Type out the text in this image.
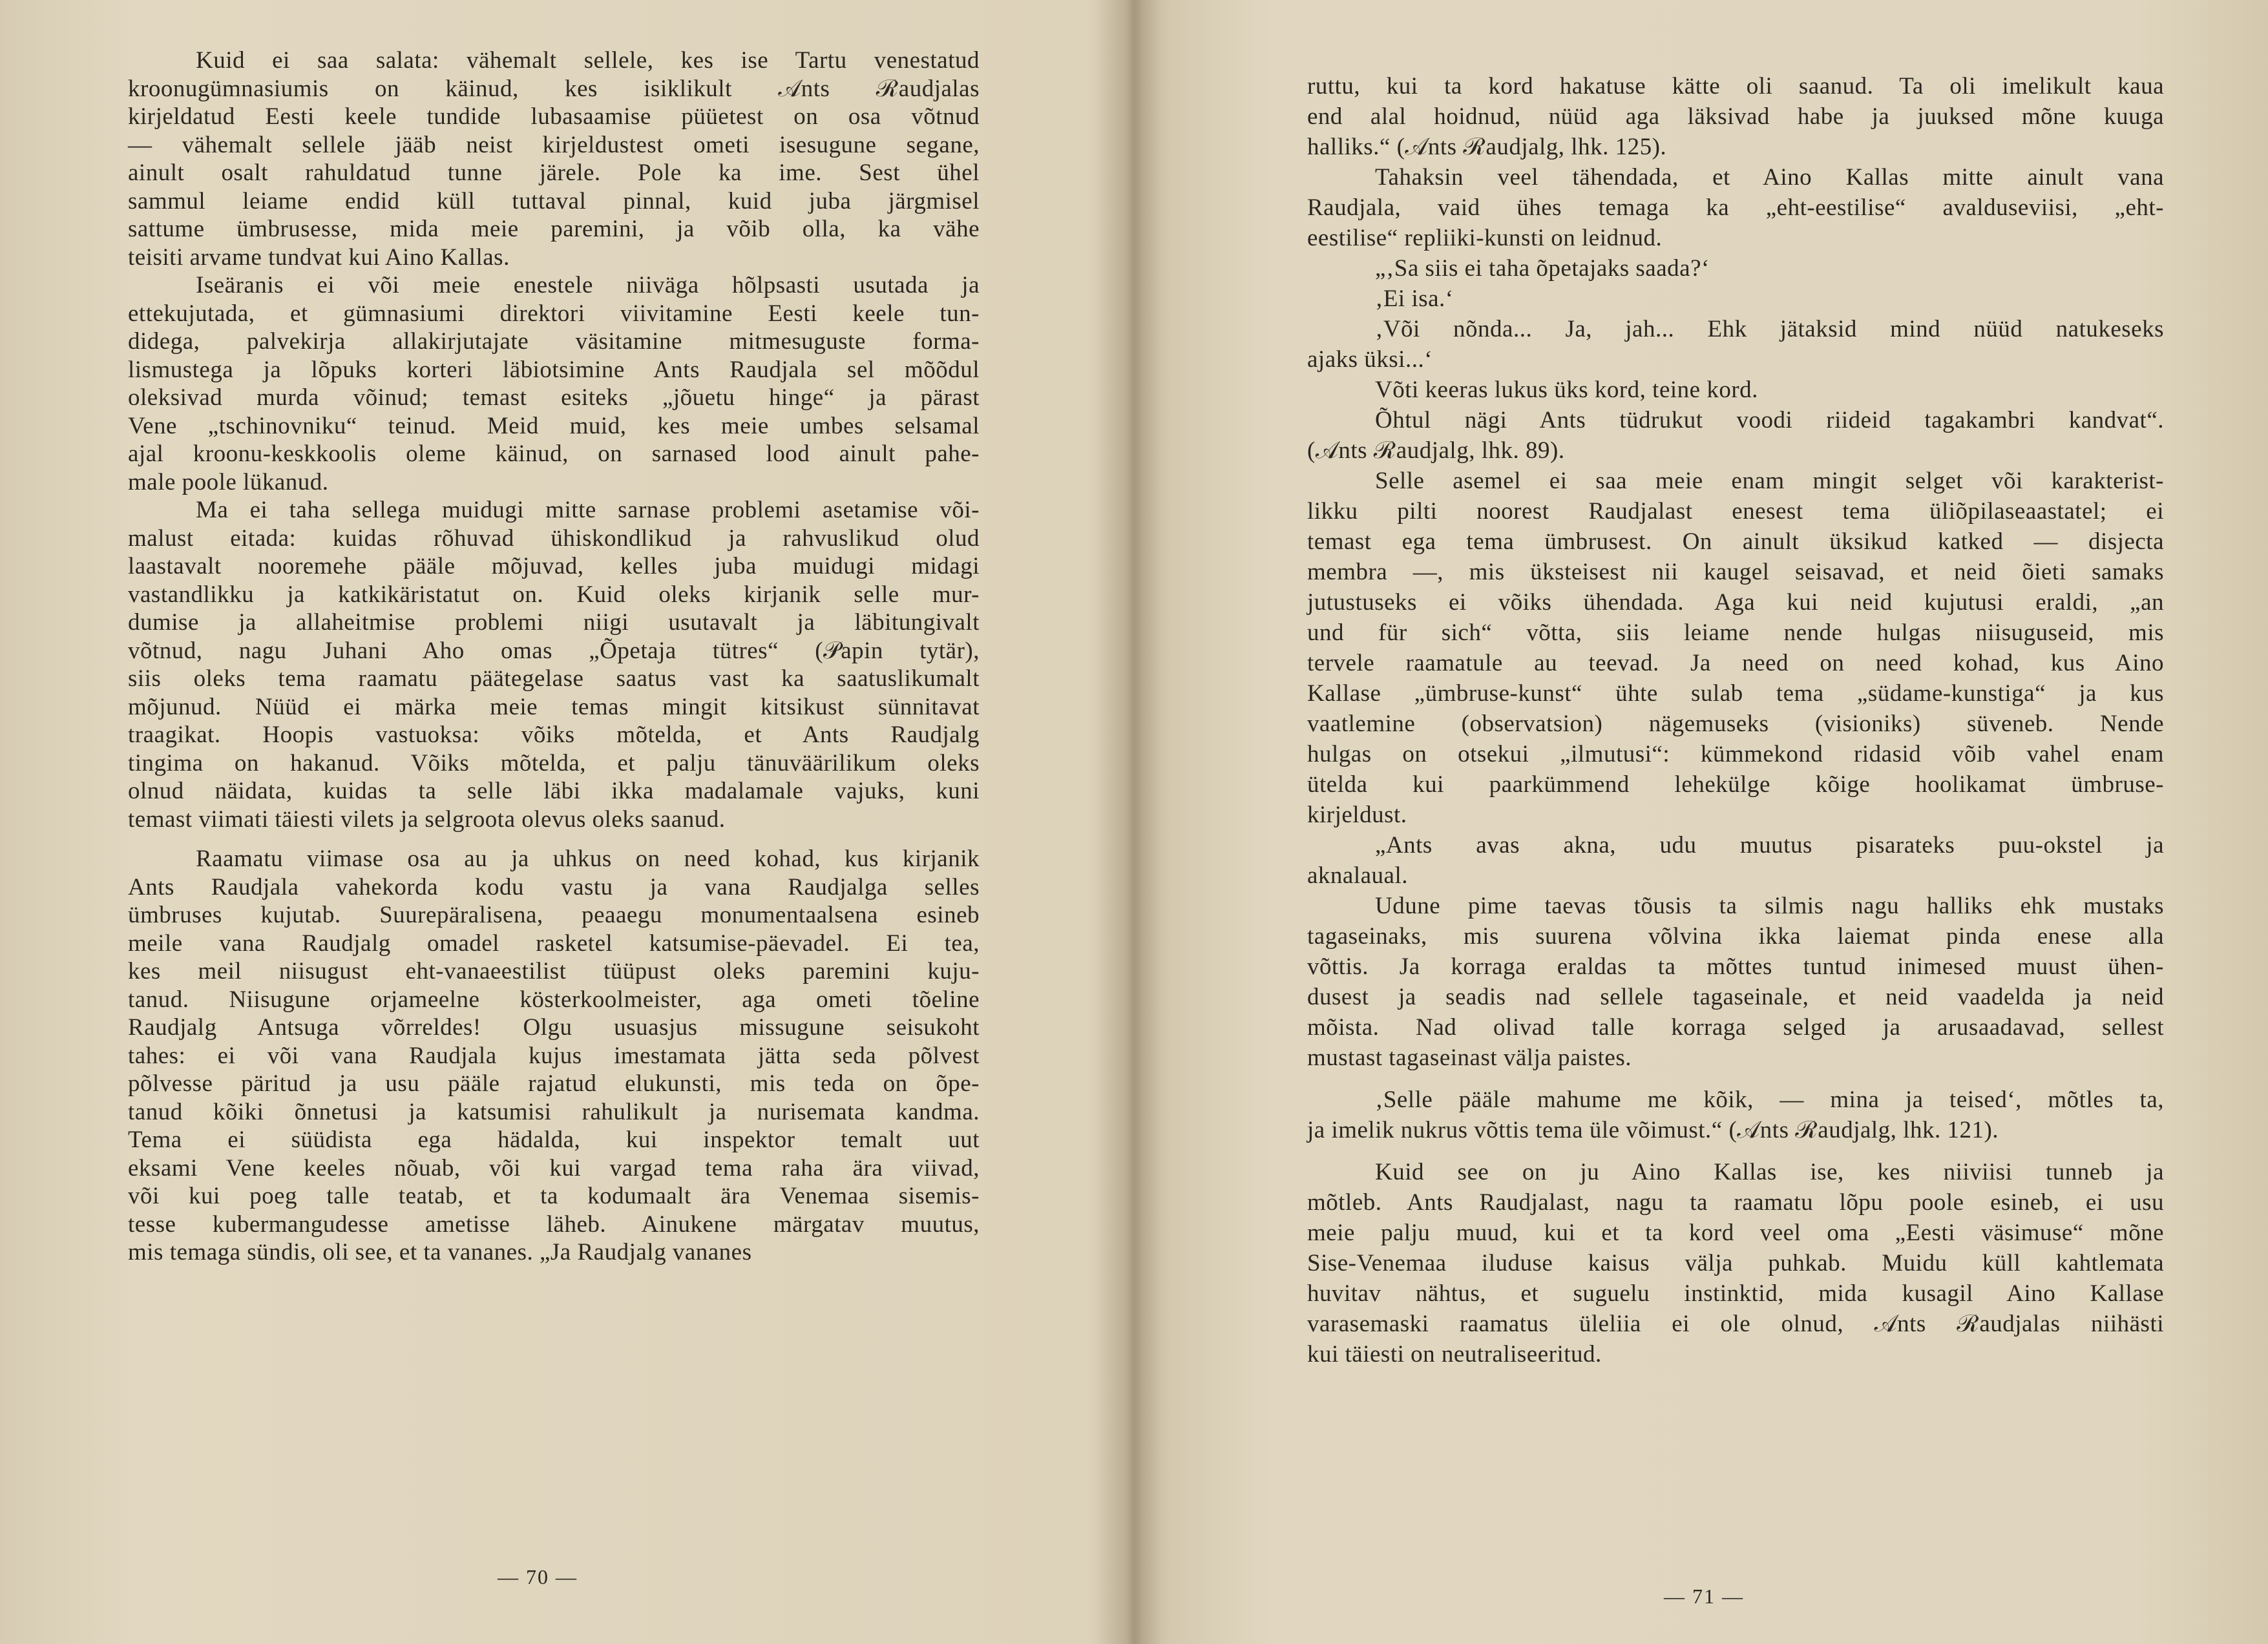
Kuid ei saa salata: vähemalt sellele, kes ise Tartu venestatud
kroonugümnasiumis on käinud, kes isiklikult 𝒜nts ℛaudjalas
kirjeldatud Eesti keele tundide lubasaamise püüetest on osa võtnud
— vähemalt sellele jääb neist kirjeldustest ometi isesugune segane,
ainult osalt rahuldatud tunne järele. Pole ka ime. Sest ühel
sammul leiame endid küll tuttaval pinnal, kuid juba järgmisel
sattume ümbrusesse, mida meie paremini, ja võib olla, ka vähe
teisiti arvame tundvat kui Aino Kallas.

Iseäranis ei või meie enestele niiväga hõlpsasti usutada ja
ettekujutada, et gümnasiumi direktori viivitamine Eesti keele tun-
didega, palvekirja allakirjutajate väsitamine mitmesuguste forma-
lismustega ja lõpuks korteri läbiotsimine Ants Raudjala sel mõõdul
oleksivad murda võinud; temast esiteks „jõuetu hinge“ ja pärast
Vene „tschinovniku“ teinud. Meid muid, kes meie umbes selsamal
ajal kroonu-keskkoolis oleme käinud, on sarnased lood ainult pahe-
male poole lükanud.

Ma ei taha sellega muidugi mitte sarnase problemi asetamise või-
malust eitada: kuidas rõhuvad ühiskondlikud ja rahvuslikud olud
laastavalt nooremehe pääle mõjuvad, kelles juba muidugi midagi
vastandlikku ja katkikäristatut on. Kuid oleks kirjanik selle mur-
dumise ja allaheitmise problemi niigi usutavalt ja läbitungivalt
võtnud, nagu Juhani Aho omas „Õpetaja tütres“ (𝒫apin tytär),
siis oleks tema raamatu päätegelase saatus vast ka saatuslikumalt
mõjunud. Nüüd ei märka meie temas mingit kitsikust sünnitavat
traagikat. Hoopis vastuoksa: võiks mõtelda, et Ants Raudjalg
tingima on hakanud. Võiks mõtelda, et palju tänuväärilikum oleks
olnud näidata, kuidas ta selle läbi ikka madalamale vajuks, kuni
temast viimati täiesti vilets ja selgroota olevus oleks saanud.

Raamatu viimase osa au ja uhkus on need kohad, kus kirjanik
Ants Raudjala vahekorda kodu vastu ja vana Raudjalga selles
ümbruses kujutab. Suurepäralisena, peaaegu monumentaalsena esineb
meile vana Raudjalg omadel rasketel katsumise-päevadel. Ei tea,
kes meil niisugust eht-vanaeestilist tüüpust oleks paremini kuju-
tanud. Niisugune orjameelne kösterkoolmeister, aga ometi tõeline
Raudjalg Antsuga võrreldes! Olgu usuasjus missugune seisukoht
tahes: ei või vana Raudjala kujus imestamata jätta seda põlvest
põlvesse päritud ja usu pääle rajatud elukunsti, mis teda on õpe-
tanud kõiki õnnetusi ja katsumisi rahulikult ja nurisemata kandma.
Tema ei süüdista ega hädalda, kui inspektor temalt uut
eksami Vene keeles nõuab, või kui vargad tema raha ära viivad,
või kui poeg talle teatab, et ta kodumaalt ära Venemaa sisemis-
tesse kubermangudesse ametisse läheb. Ainukene märgatav muutus,
mis temaga sündis, oli see, et ta vananes. „Ja Raudjalg vananes

— 70 —

ruttu, kui ta kord hakatuse kätte oli saanud. Ta oli imelikult kaua
end alal hoidnud, nüüd aga läksivad habe ja juuksed mõne kuuga
halliks.“ (𝒜nts ℛaudjalg, lhk. 125).

Tahaksin veel tähendada, et Aino Kallas mitte ainult vana
Raudjala, vaid ühes temaga ka „eht-eestilise“ avalduseviisi, „eht-
eestilise“ repliiki-kunsti on leidnud.

„‚Sa siis ei taha õpetajaks saada?‘

‚Ei isa.‘

‚Või nõnda... Ja, jah... Ehk jätaksid mind nüüd natukeseks
ajaks üksi...‘

Võti keeras lukus üks kord, teine kord.

Õhtul nägi Ants tüdrukut voodi riideid tagakambri kandvat“.
(𝒜nts ℛaudjalg, lhk. 89).

Selle asemel ei saa meie enam mingit selget või karakterist-
likku pilti noorest Raudjalast enesest tema üliõpilaseaastatel; ei
temast ega tema ümbrusest. On ainult üksikud katked — disjecta
membra —, mis üksteisest nii kaugel seisavad, et neid õieti samaks
jutustuseks ei võiks ühendada. Aga kui neid kujutusi eraldi, „an
und für sich“ võtta, siis leiame nende hulgas niisuguseid, mis
tervele raamatule au teevad. Ja need on need kohad, kus Aino
Kallase „ümbruse-kunst“ ühte sulab tema „südame-kunstiga“ ja kus
vaatlemine (observatsion) nägemuseks (visioniks) süveneb. Nende
hulgas on otsekui „ilmutusi“: kümmekond ridasid võib vahel enam
ütelda kui paarkümmend lehekülge kõige hoolikamat ümbruse-
kirjeldust.

„Ants avas akna, udu muutus pisarateks puu-okstel ja
aknalaual.

Udune pime taevas tõusis ta silmis nagu halliks ehk mustaks
tagaseinaks, mis suurena võlvina ikka laiemat pinda enese alla
võttis. Ja korraga eraldas ta mõttes tuntud inimesed muust ühen-
dusest ja seadis nad sellele tagaseinale, et neid vaadelda ja neid
mõista. Nad olivad talle korraga selged ja arusaadavad, sellest
mustast tagaseinast välja paistes.

‚Selle pääle mahume me kõik, — mina ja teised‘, mõtles ta,
ja imelik nukrus võttis tema üle võimust.“ (𝒜nts ℛaudjalg, lhk. 121).

Kuid see on ju Aino Kallas ise, kes niiviisi tunneb ja
mõtleb. Ants Raudjalast, nagu ta raamatu lõpu poole esineb, ei usu
meie palju muud, kui et ta kord veel oma „Eesti väsimuse“ mõne
Sise-Venemaa iluduse kaisus välja puhkab. Muidu küll kahtlemata
huvitav nähtus, et suguelu instinktid, mida kusagil Aino Kallase
varasemaski raamatus üleliia ei ole olnud, 𝒜nts ℛaudjalas niihästi
kui täiesti on neutraliseeritud.

— 71 —
